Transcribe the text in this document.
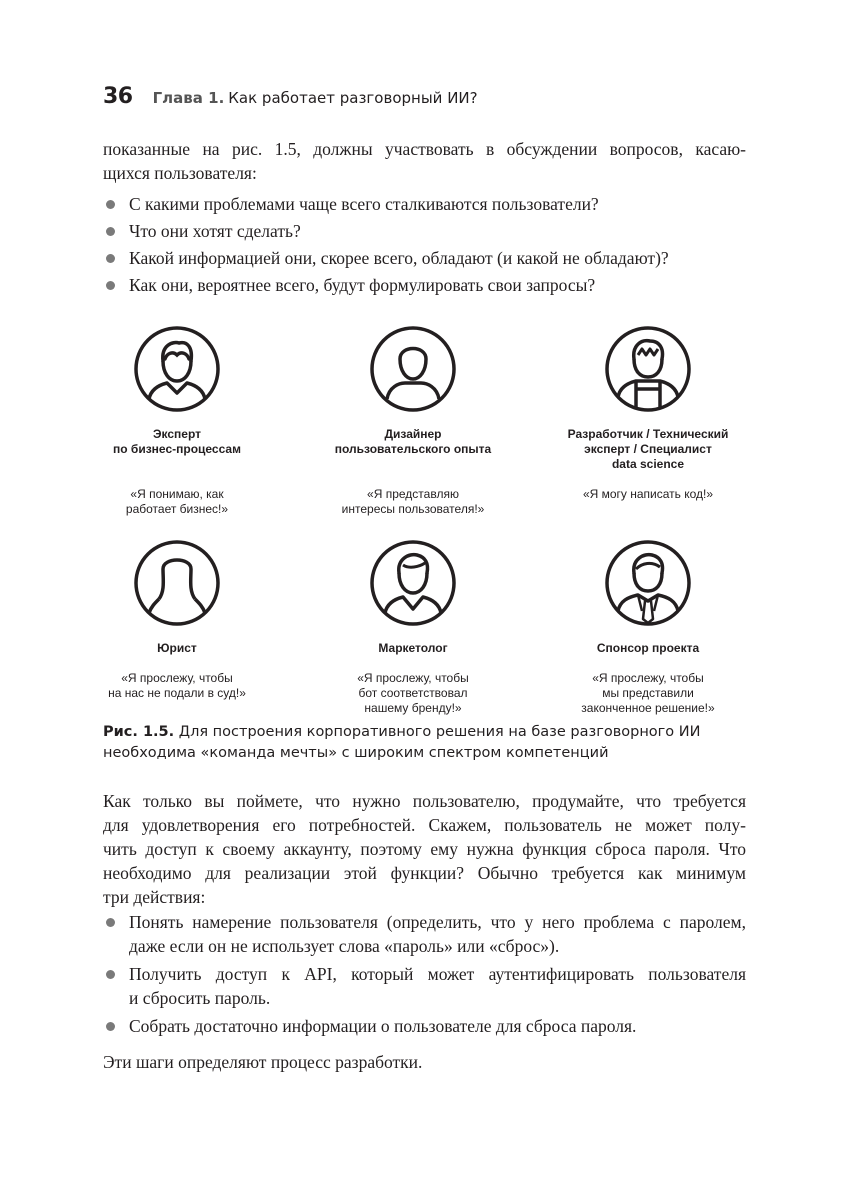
36 Глава 1. Как работает разговорный ИИ?
показанные на рис. 1.5, должны участвовать в обсуждении вопросов, касаю-
щихся пользователя:
С какими проблемами чаще всего сталкиваются пользователи?
Что они хотят сделать?
Какой информацией они, скорее всего, обладают (и какой не обладают)?
Как они, вероятнее всего, будут формулировать свои запросы?
Эксперт
по бизнес-процессам
«Я понимаю, как
работает бизнес!»
Дизайнер
пользовательского опыта
«Я представляю
интересы пользователя!»
Разработчик / Технический
эксперт / Специалист
data science
«Я могу написать код!»
Юрист
«Я прослежу, чтобы
на нас не подали в суд!»
Маркетолог
«Я прослежу, чтобы
бот соответствовал
нашему бренду!»
Спонсор проекта
«Я прослежу, чтобы
мы представили
законченное решение!»
Рис. 1.5. Для построения корпоративного решения на базе разговорного ИИ
необходима «команда мечты» с широким спектром компетенций
Как только вы поймете, что нужно пользователю, продумайте, что требуется
для удовлетворения его потребностей. Скажем, пользователь не может полу-
чить доступ к своему аккаунту, поэтому ему нужна функция сброса пароля. Что
необходимо для реализации этой функции? Обычно требуется как минимум
три действия:
Понять намерение пользователя (определить, что у него проблема с паролем,
даже если он не использует слова «пароль» или «сброс»).
Получить доступ к API, который может аутентифицировать пользователя
и сбросить пароль.
Собрать достаточно информации о пользователе для сброса пароля.
Эти шаги определяют процесс разработки.
